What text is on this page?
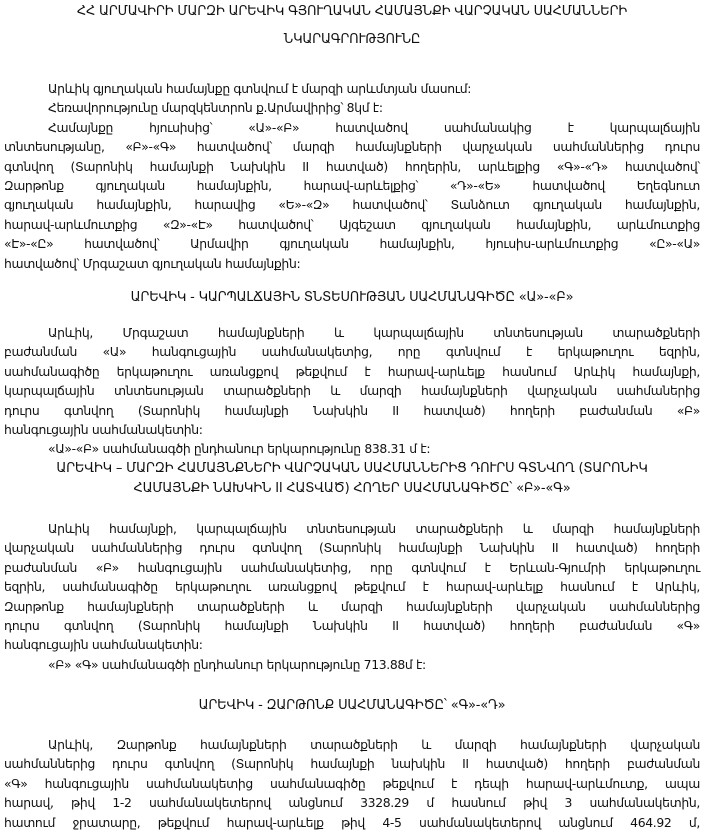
ՀՀ ԱՐՄԱՎԻՐԻ ՄԱՐԶԻ ԱՐԵՎԻԿ ԳՅՈՒՂԱԿԱՆ ՀԱՄԱՅՆՔԻ ՎԱՐՉԱԿԱՆ ՍԱՀՄԱՆՆԵՐԻ
ՆԿԱՐԱԳՐՈՒԹՅՈՒՆԸ
Արևիկ գյուղական համայնքը գտնվում է մարզի արևմտյան մասում:
Հեռավորությունը մարզկենտրոն ք.Արմավիրից՝ 8կմ է:
Համայնքը հյուսիսից՝ «Ա»-«Բ» հատվածով սահմանակից է կարպալճային
տնտեսությանը, «Բ»-«Գ» հատվածով՝ մարզի համայնքների վարչական սահմաններից դուրս
գտնվող (Տարոնիկ համայնքի Նախկին II հատված) հողերին, արևելքից «Գ»-«Դ» հատվածով՝
Զարթոնք գյուղական համայնքին, հարավ-արևելքից՝ «Դ»-«Ե» հատվածով Եղեգնուտ
գյուղական համայնքին, հարավից «Ե»-«Զ» հատվածով՝ Տանձուտ գյուղական համայնքին,
հարավ-արևմուտքից «Զ»-«Է» հատվածով՝ Այգեշատ գյուղական համայնքին, արևմուտքից
«Է»-«Ը» հատվածով՝ Արմավիր գյուղական համայնքին, հյուսիս-արևմուտքից «Ը»-«Ա»
հատվածով՝ Մրգաշատ գյուղական համայնքին:
ԱՐԵՎԻԿ - ԿԱՐՊԱԼՃԱՅԻՆ ՏՆՏԵՍՈՒԹՅԱՆ ՍԱՀՄԱՆԱԳԻԾԸ «Ա»-«Բ»
Արևիկ, Մրգաշատ համայնքների և կարպալճային տնտեսության տարածքների
բաժանման «Ա» հանգուցային սահմանակետից, որը գտնվում է երկաթուղու եզրին,
սահմանագիծը երկաթուղու առանցքով թեքվում է հարավ-արևելք հասնում Արևիկ համայնքի,
կարպալճային տնտեսության տարածքների և մարզի համայնքների վարչական սահմաներից
դուրս գտնվող (Տարոնիկ համայնքի Նախկին II հատված) հողերի բաժանման «Բ»
հանգուցային սահմանակետին:
«Ա»-«Բ» սահմանագծի ընդհանուր երկարությունը 838.31 մ է:
ԱՐԵՎԻԿ – ՄԱՐԶԻ ՀԱՄԱՅՆՔՆԵՐԻ ՎԱՐՉԱԿԱՆ ՍԱՀՄԱՆՆԵՐԻՑ ԴՈՒՐՍ ԳՏՆՎՈՂ (ՏԱՐՈՆԻԿ
ՀԱՄԱՅՆՔԻ ՆԱԽԿԻՆ II ՀԱՏՎԱԾ) ՀՈՂԵՐ ՍԱՀՄԱՆԱԳԻԾԸ՝ «Բ»-«Գ»
Արևիկ համայնքի, կարպալճային տնտեսության տարածքների և մարզի համայնքների
վարչական սահմաններից դուրս գտնվող (Տարոնիկ համայնքի Նախկին II հատված) հողերի
բաժանման «Բ» հանգուցային սահմանակետից, որը գտնվում է Երևան-Գյումրի երկաթուղու
եզրին, սահմանագիծը երկաթուղու առանցքով թեքվում է հարավ-արևելք հասնում է Արևիկ,
Զարթոնք համայնքների տարածքների և մարզի համայնքների վարչական սահմաններից
դուրս գտնվող (Տարոնիկ համայնքի Նախկին II հատված) հողերի բաժանման «Գ»
հանգուցային սահմանակետին:
«Բ» «Գ» սահմանագծի ընդհանուր երկարությունը 713.88մ է:
ԱՐԵՎԻԿ - ԶԱՐԹՈՆՔ ՍԱՀՄԱՆԱԳԻԾԸ՝ «Գ»-«Դ»
Արևիկ, Զարթոնք համայնքների տարածքների և մարզի համայնքների վարչական
սահմաններից դուրս գտնվող (Տարոնիկ համայնքի նախկին II հատված) հողերի բաժանման
«Գ» հանգուցային սահմանակետից սահմանագիծը թեքվում է դեպի հարավ-արևմուտք, ապա
հարավ, թիվ 1-2 սահմանակետերով անցնում 3328.29 մ հասնում թիվ 3 սահմանակետին,
հատում ջրատարը, թեքվում հարավ-արևելք թիվ 4-5 սահմանակետերով անցնում 464.92 մ,
